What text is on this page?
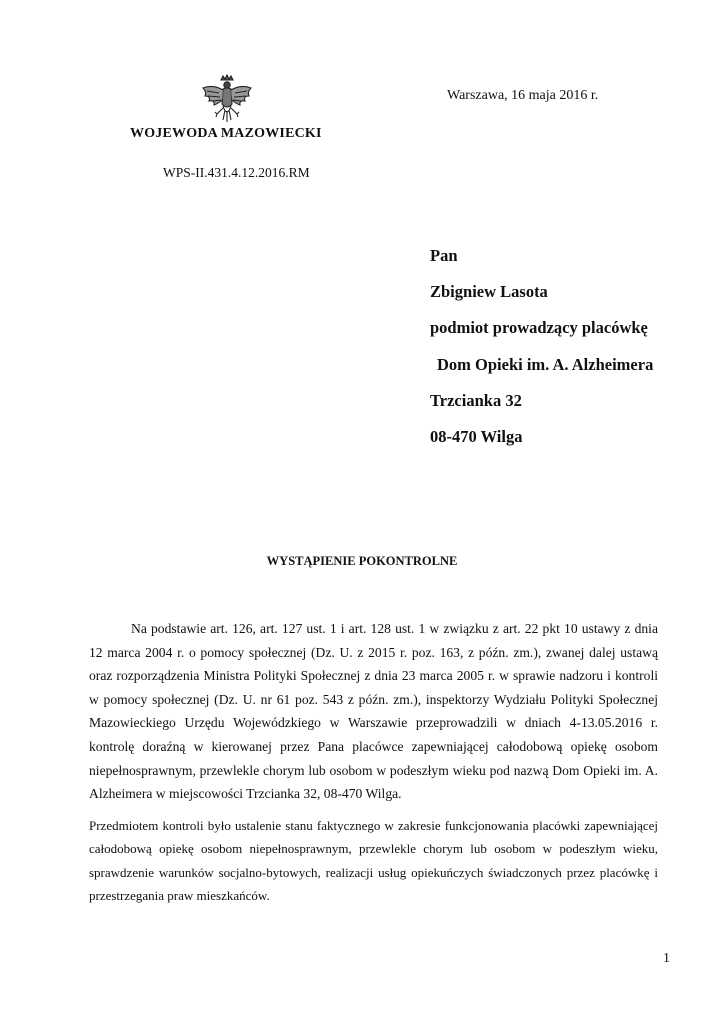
WOJEWODA MAZOWIECKI
WPS-II.431.4.12.2016.RM
Warszawa, 16 maja 2016 r.
Pan
Zbigniew Lasota
podmiot prowadzący placówkę
Dom Opieki im. A. Alzheimera
Trzcianka 32
08-470 Wilga
WYSTĄPIENIE POKONTROLNE

Na podstawie art. 126, art. 127 ust. 1 i art. 128 ust. 1 w związku z art. 22 pkt 10 ustawy z dnia 12 marca 2004 r. o pomocy społecznej (Dz. U. z 2015 r. poz. 163, z późn. zm.), zwanej dalej ustawą oraz rozporządzenia Ministra Polityki Społecznej z dnia 23 marca 2005 r. w sprawie nadzoru i kontroli w pomocy społecznej (Dz. U. nr 61 poz. 543 z późn. zm.), inspektorzy Wydziału Polityki Społecznej Mazowieckiego Urzędu Wojewódzkiego w Warszawie przeprowadzili w dniach 4-13.05.2016 r. kontrolę doraźną w kierowanej przez Pana placówce zapewniającej całodobową opiekę osobom niepełnosprawnym, przewlekle chorym lub osobom w podeszłym wieku pod nazwą Dom Opieki im. A. Alzheimera w miejscowości Trzcianka 32, 08-470 Wilga.

Przedmiotem kontroli było ustalenie stanu faktycznego w zakresie funkcjonowania placówki zapewniającej całodobową opiekę osobom niepełnosprawnym, przewlekle chorym lub osobom w podeszłym wieku, sprawdzenie warunków socjalno-bytowych, realizacji usług opiekuńczych świadczonych przez placówkę i przestrzegania praw mieszkańców.

1
